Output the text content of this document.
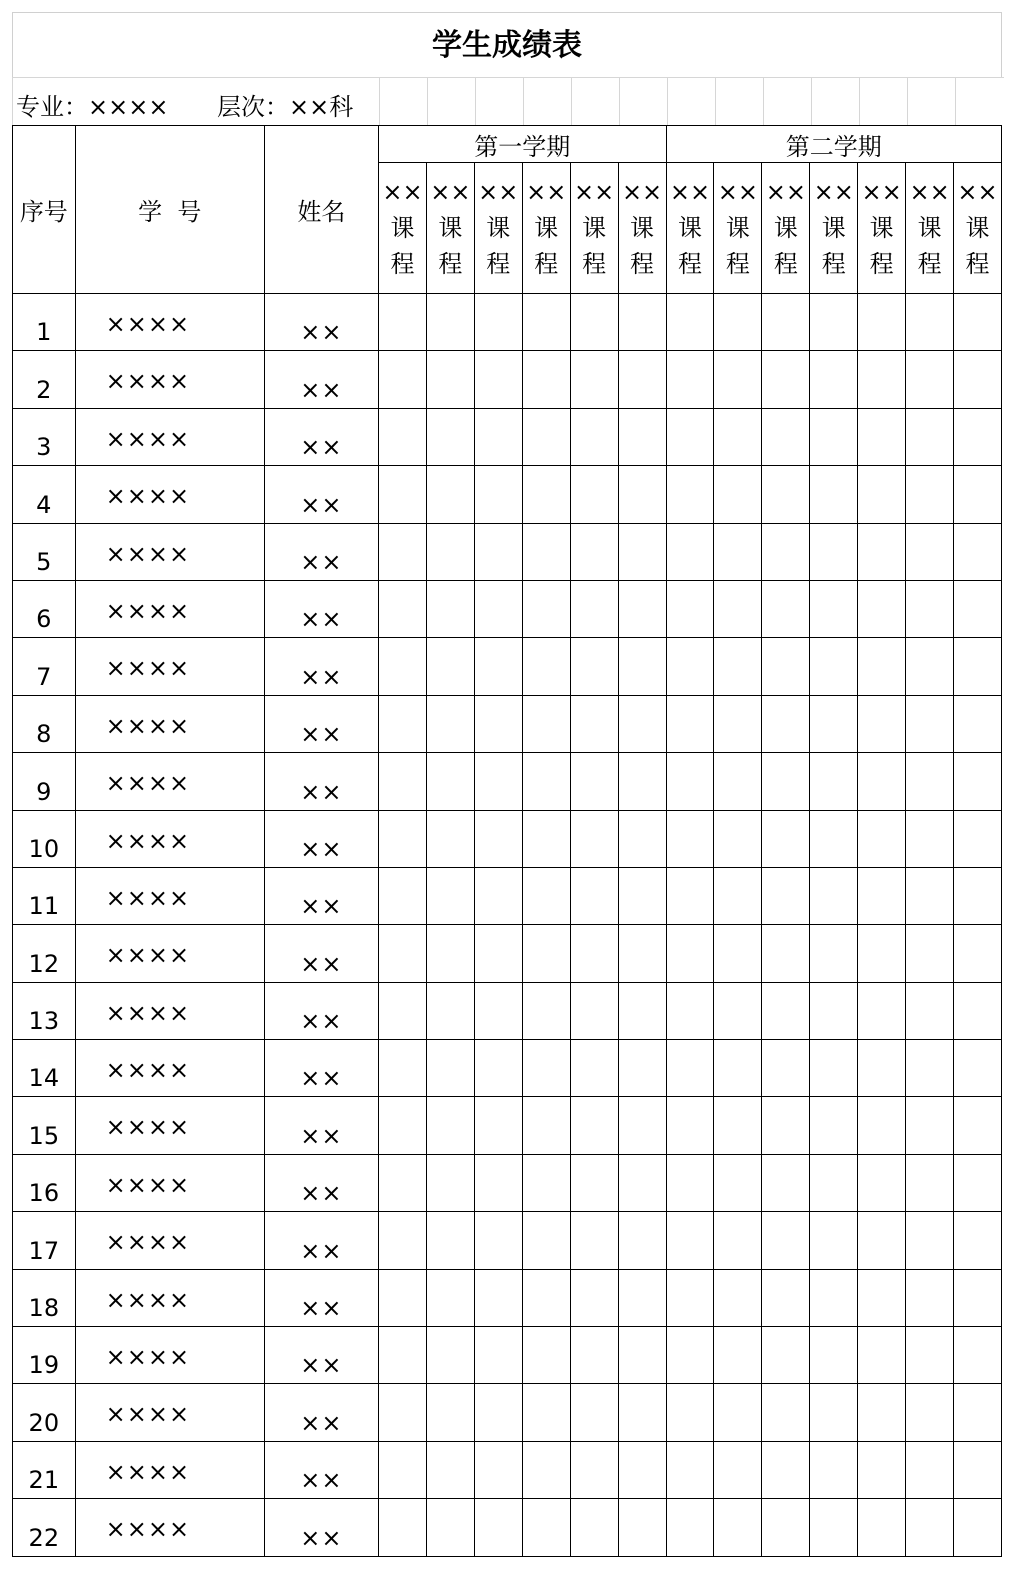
学生成绩表
专业：×××× 层次：××科
序号	学  号	姓名	第一学期						第二学期						

			××
课
程	××
课
程	××
课
程	××
课
程	××
课
程	××
课
程	××
课
程	××
课
程	××
课
程	××
课
程	××
课
程	××
课
程	××
课
程

1	××××	××													
2	××××	××													
3	××××	××													
4	××××	××													
5	××××	××													
6	××××	××													
7	××××	××													
8	××××	××													
9	××××	××													
10	××××	××													
11	××××	××													
12	××××	××													
13	××××	××													
14	××××	××													
15	××××	××													
16	××××	××													
17	××××	××													
18	××××	××													
19	××××	××													
20	××××	××													
21	××××	××													
22	××××	××													
